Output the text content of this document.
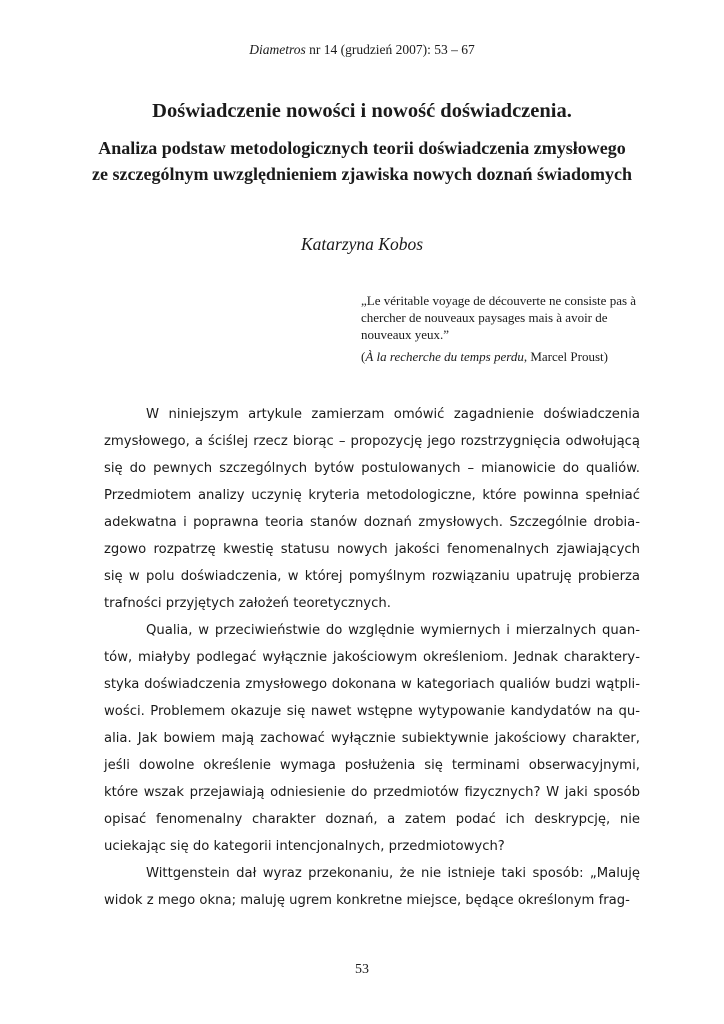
Diametros nr 14 (grudzień 2007): 53 – 67
Doświadczenie nowości i nowość doświadczenia.
Analiza podstaw metodologicznych teorii doświadczenia zmysłowego ze szczególnym uwzględnieniem zjawiska nowych doznań świadomych
Katarzyna Kobos
„Le véritable voyage de découverte ne consiste pas à chercher de nouveaux paysages mais à avoir de nouveaux yeux.”
(À la recherche du temps perdu, Marcel Proust)

W niniejszym artykule zamierzam omówić zagadnienie doświadczenia zmysłowego, a ściślej rzecz biorąc – propozycję jego rozstrzygnięcia odwołującą się do pewnych szczególnych bytów postulowanych – mianowicie do qualiów. Przedmiotem analizy uczynię kryteria metodologiczne, które powinna spełniać adekwatna i poprawna teoria stanów doznań zmysłowych. Szczególnie drobiazgowo rozpatrzę kwestię statusu nowych jakości fenomenalnych zjawiających się w polu doświadczenia, w której pomyślnym rozwiązaniu upatruję probierza trafności przyjętych założeń teoretycznych.

Qualia, w przeciwieństwie do względnie wymiernych i mierzalnych quantów, miałyby podlegać wyłącznie jakościowym określeniom. Jednak charakterystyka doświadczenia zmysłowego dokonana w kategoriach qualiów budzi wątpliwości. Problemem okazuje się nawet wstępne wytypowanie kandydatów na qualia. Jak bowiem mają zachować wyłącznie subiektywnie jakościowy charakter, jeśli dowolne określenie wymaga posłużenia się terminami obserwacyjnymi, które wszak przejawiają odniesienie do przedmiotów fizycznych? W jaki sposób opisać fenomenalny charakter doznań, a zatem podać ich deskrypcję, nie uciekając się do kategorii intencjonalnych, przedmiotowych?

Wittgenstein dał wyraz przekonaniu, że nie istnieje taki sposób: „Maluję widok z mego okna; maluję ugrem konkretne miejsce, będące określonym frag-

53
